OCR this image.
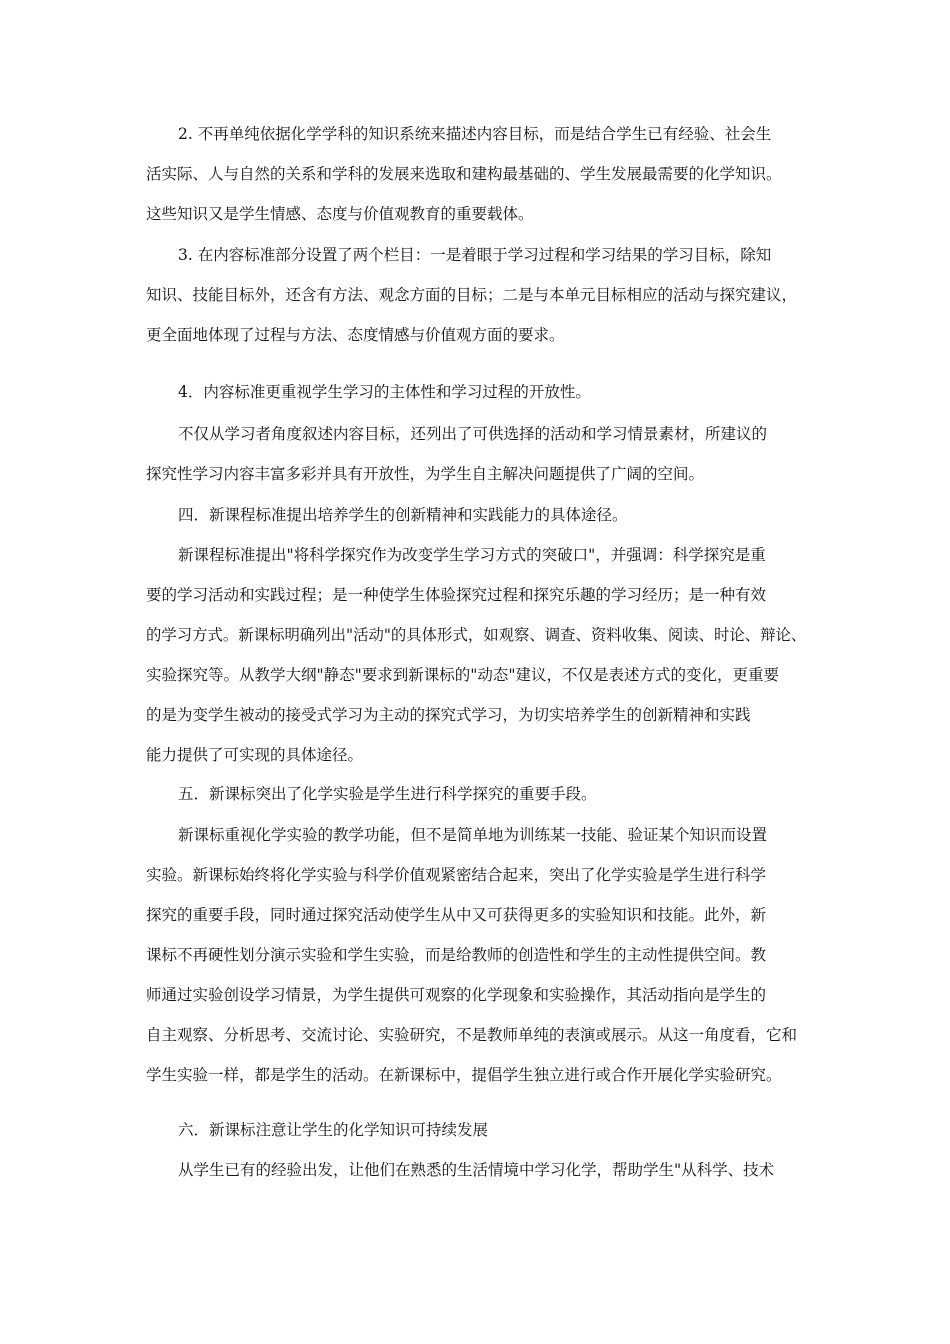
2. 不再单纯依据化学学科的知识系统来描述内容目标，而是结合学生已有经验、社会生
活实际、人与自然的关系和学科的发展来选取和建构最基础的、学生发展最需要的化学知识。
这些知识又是学生情感、态度与价值观教育的重要载体。
3. 在内容标准部分设置了两个栏目：一是着眼于学习过程和学习结果的学习目标，除知
知识、技能目标外，还含有方法、观念方面的目标；二是与本单元目标相应的活动与探究建议，
更全面地体现了过程与方法、态度情感与价值观方面的要求。
4．内容标准更重视学生学习的主体性和学习过程的开放性。
不仅从学习者角度叙述内容目标，还列出了可供选择的活动和学习情景素材，所建议的
探究性学习内容丰富多彩并具有开放性，为学生自主解决问题提供了广阔的空间。
四．新课程标准提出培养学生的创新精神和实践能力的具体途径。
新课程标准提出"将科学探究作为改变学生学习方式的突破口"，并强调：科学探究是重
要的学习活动和实践过程；是一种使学生体验探究过程和探究乐趣的学习经历；是一种有效
的学习方式。新课标明确列出"活动"的具体形式，如观察、调查、资料收集、阅读、时论、辩论、
实验探究等。从教学大纲"静态"要求到新课标的"动态"建议，不仅是表述方式的变化，更重要
的是为变学生被动的接受式学习为主动的探究式学习，为切实培养学生的创新精神和实践
能力提供了可实现的具体途径。
五．新课标突出了化学实验是学生进行科学探究的重要手段。
新课标重视化学实验的教学功能，但不是简单地为训练某一技能、验证某个知识而设置
实验。新课标始终将化学实验与科学价值观紧密结合起来，突出了化学实验是学生进行科学
探究的重要手段，同时通过探究活动使学生从中又可获得更多的实验知识和技能。此外，新
课标不再硬性划分演示实验和学生实验，而是给教师的创造性和学生的主动性提供空间。教
师通过实验创设学习情景，为学生提供可观察的化学现象和实验操作，其活动指向是学生的
自主观察、分析思考、交流讨论、实验研究，不是教师单纯的表演或展示。从这一角度看，它和
学生实验一样，都是学生的活动。在新课标中，提倡学生独立进行或合作开展化学实验研究。
六．新课标注意让学生的化学知识可持续发展
从学生已有的经验出发，让他们在熟悉的生活情境中学习化学，帮助学生"从科学、技术
